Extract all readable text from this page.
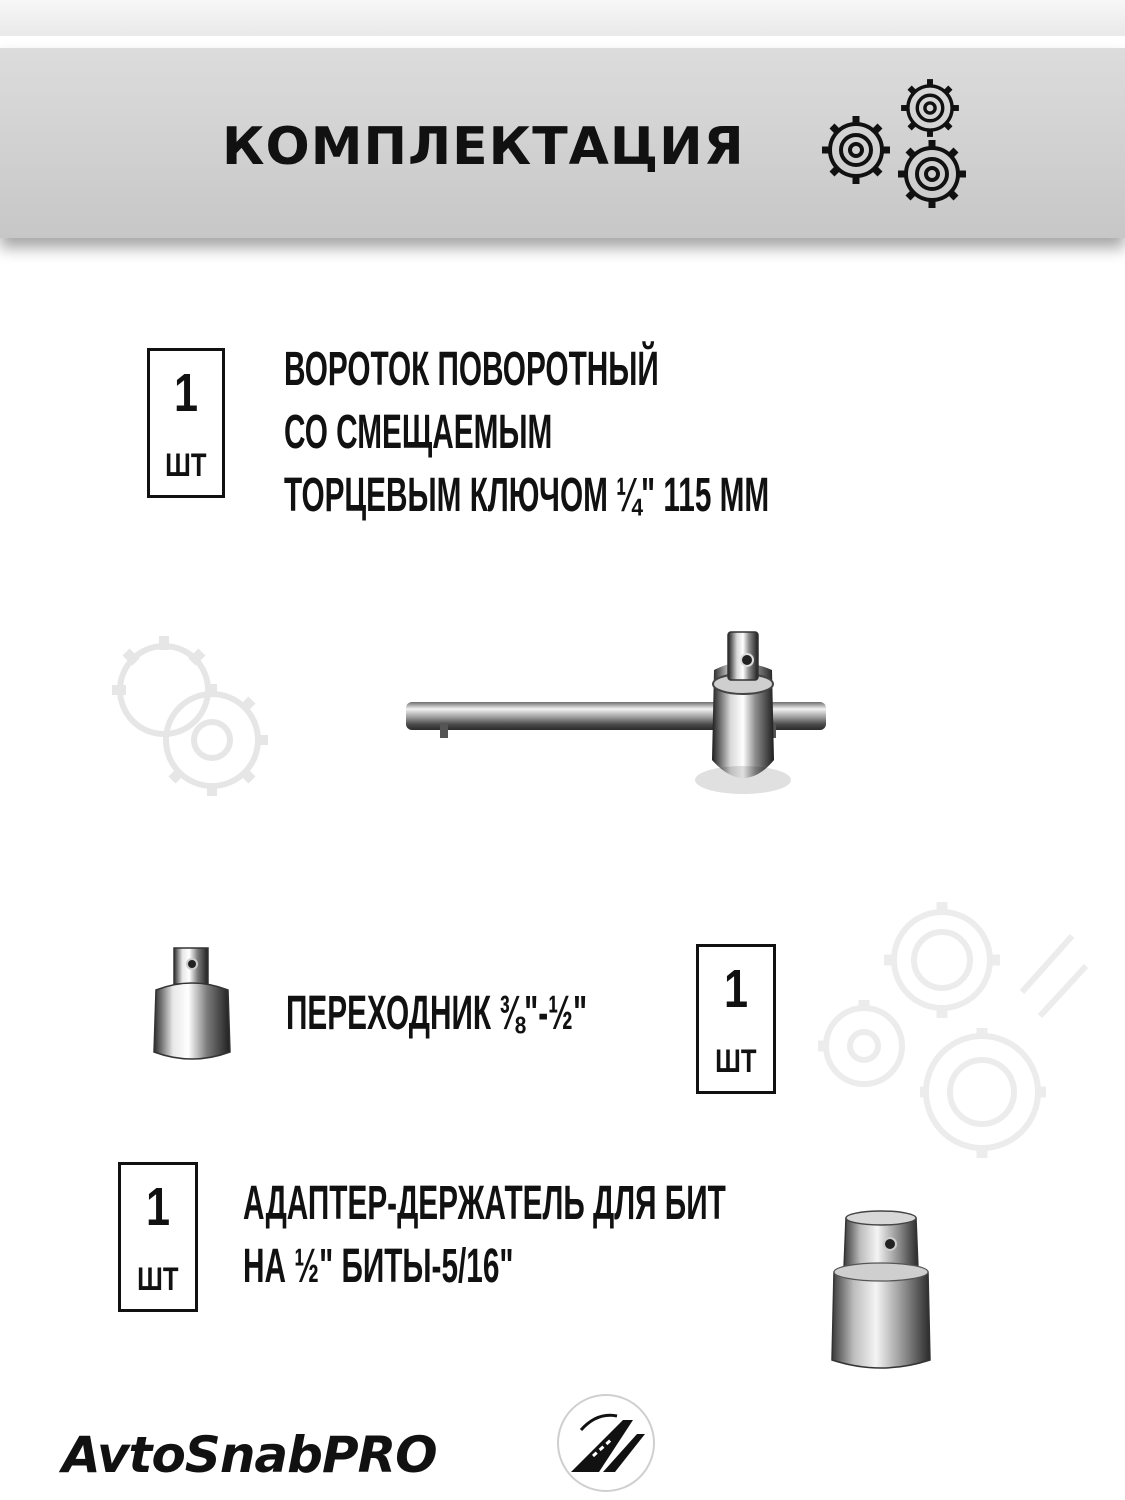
КОМПЛЕКТАЦИЯ
1
ШТ
ВОРОТОК ПОВОРОТНЫЙ
СО СМЕЩАЕМЫМ
ТОРЦЕВЫМ КЛЮЧОМ ¼" 115 ММ
ПЕРЕХОДНИК ⅜"-½"	1
ШТ
1
ШТ
АДАПТЕР-ДЕРЖАТЕЛЬ ДЛЯ БИТ
НА ½" БИТЫ-5/16"
AvtoSnabPRO
